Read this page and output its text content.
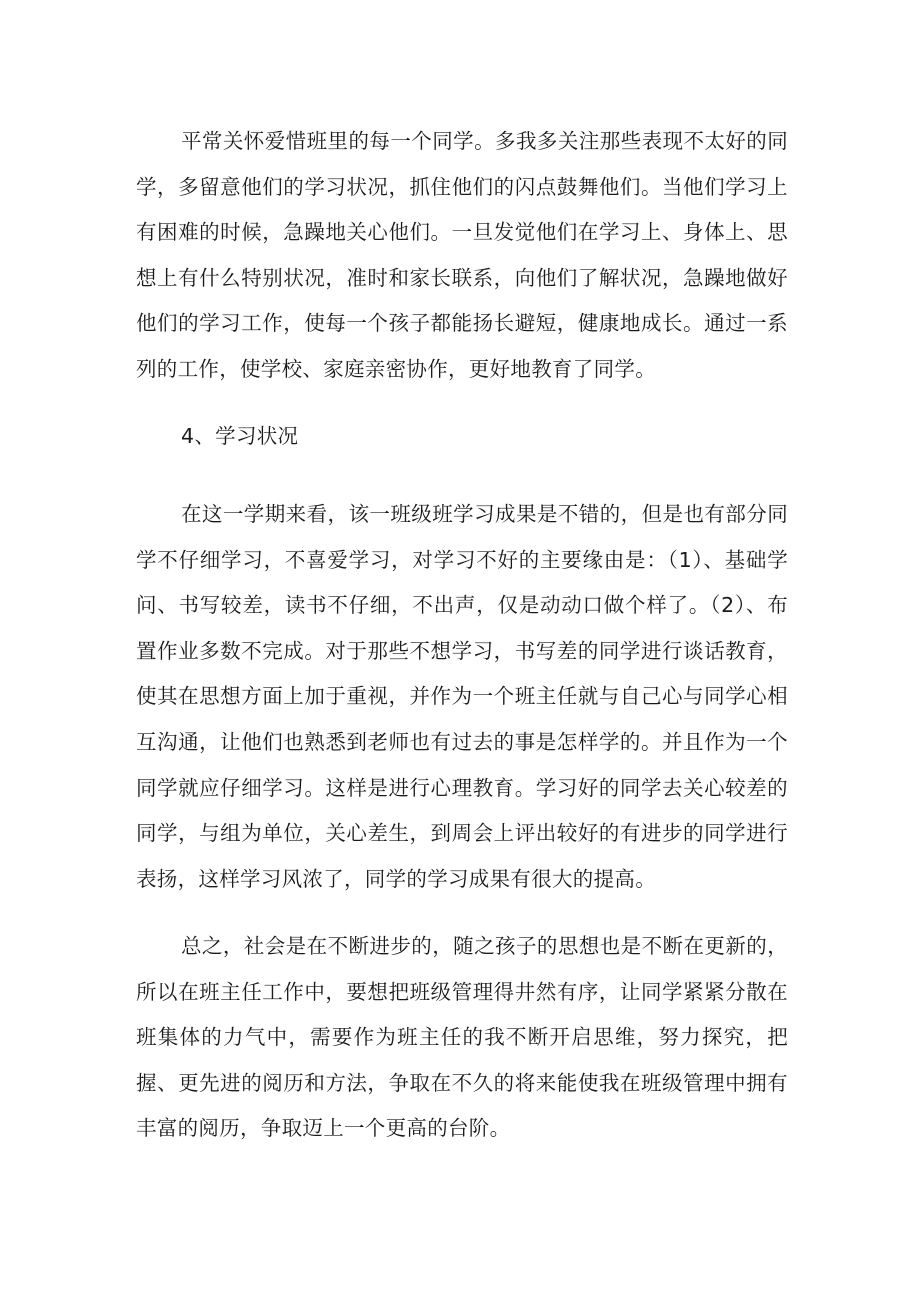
平常关怀爱惜班里的每一个同学。多我多关注那些表现不太好的同学，多留意他们的学习状况，抓住他们的闪点鼓舞他们。当他们学习上有困难的时候，急躁地关心他们。一旦发觉他们在学习上、身体上、思想上有什么特别状况，准时和家长联系，向他们了解状况，急躁地做好他们的学习工作，使每一个孩子都能扬长避短，健康地成长。通过一系列的工作，使学校、家庭亲密协作，更好地教育了同学。

4、学习状况

在这一学期来看，该一班级班学习成果是不错的，但是也有部分同学不仔细学习，不喜爱学习，对学习不好的主要缘由是：（1）、基础学问、书写较差，读书不仔细，不出声，仅是动动口做个样了。（2）、布置作业多数不完成。对于那些不想学习，书写差的同学进行谈话教育，使其在思想方面上加于重视，并作为一个班主任就与自己心与同学心相互沟通，让他们也熟悉到老师也有过去的事是怎样学的。并且作为一个同学就应仔细学习。这样是进行心理教育。学习好的同学去关心较差的同学，与组为单位，关心差生，到周会上评出较好的有进步的同学进行表扬，这样学习风浓了，同学的学习成果有很大的提高。

总之，社会是在不断进步的，随之孩子的思想也是不断在更新的，所以在班主任工作中，要想把班级管理得井然有序，让同学紧紧分散在班集体的力气中，需要作为班主任的我不断开启思维，努力探究，把握、更先进的阅历和方法，争取在不久的将来能使我在班级管理中拥有丰富的阅历，争取迈上一个更高的台阶。
